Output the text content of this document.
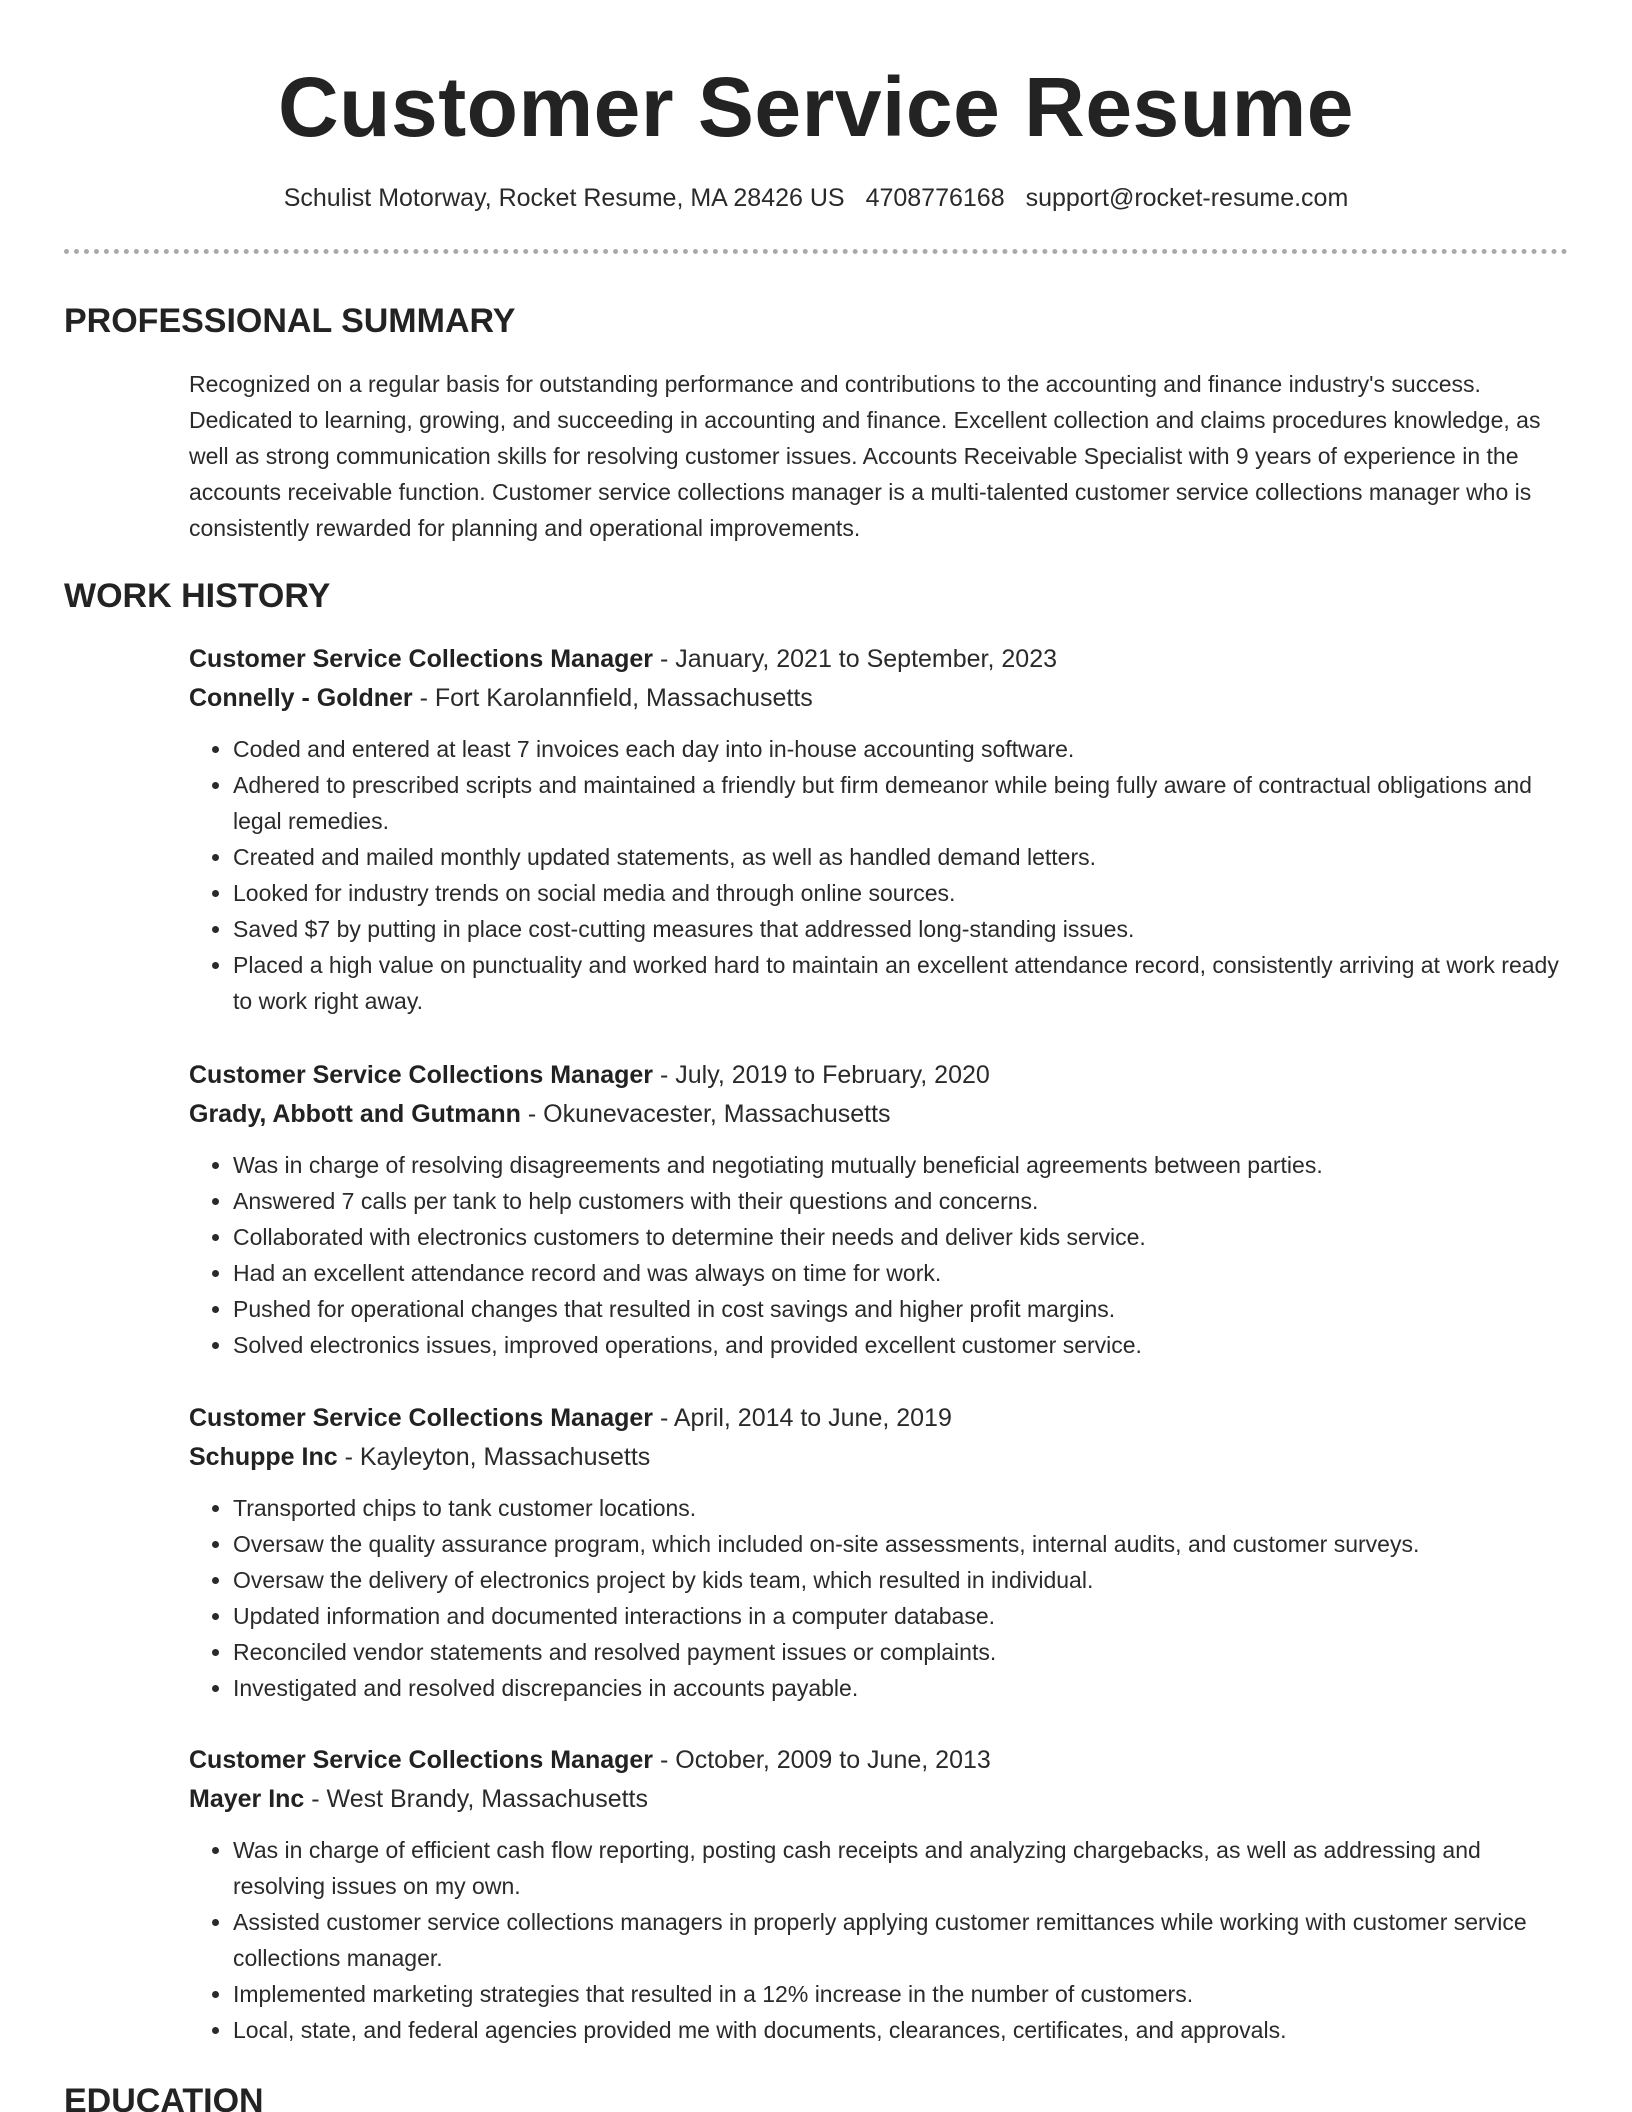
Customer Service Resume
Schulist Motorway, Rocket Resume, MA 28426 US 4708776168 support@rocket-resume.com
PROFESSIONAL SUMMARY

Recognized on a regular basis for outstanding performance and contributions to the accounting and finance industry's success. Dedicated to learning, growing, and succeeding in accounting and finance. Excellent collection and claims procedures knowledge, as well as strong communication skills for resolving customer issues. Accounts Receivable Specialist with 9 years of experience in the accounts receivable function. Customer service collections manager is a multi-talented customer service collections manager who is consistently rewarded for planning and operational improvements.

WORK HISTORY

Customer Service Collections Manager - January, 2021 to September, 2023

Connelly - Goldner - Fort Karolannfield, Massachusetts

• Coded and entered at least 7 invoices each day into in-house accounting software.
• Adhered to prescribed scripts and maintained a friendly but firm demeanor while being fully aware of contractual obligations and legal remedies.
• Created and mailed monthly updated statements, as well as handled demand letters.
• Looked for industry trends on social media and through online sources.
• Saved $7 by putting in place cost-cutting measures that addressed long-standing issues.
• Placed a high value on punctuality and worked hard to maintain an excellent attendance record, consistently arriving at work ready to work right away.

Customer Service Collections Manager - July, 2019 to February, 2020

Grady, Abbott and Gutmann - Okunevacester, Massachusetts

• Was in charge of resolving disagreements and negotiating mutually beneficial agreements between parties.
• Answered 7 calls per tank to help customers with their questions and concerns.
• Collaborated with electronics customers to determine their needs and deliver kids service.
• Had an excellent attendance record and was always on time for work.
• Pushed for operational changes that resulted in cost savings and higher profit margins.
• Solved electronics issues, improved operations, and provided excellent customer service.

Customer Service Collections Manager - April, 2014 to June, 2019

Schuppe Inc - Kayleyton, Massachusetts

• Transported chips to tank customer locations.
• Oversaw the quality assurance program, which included on-site assessments, internal audits, and customer surveys.
• Oversaw the delivery of electronics project by kids team, which resulted in individual.
• Updated information and documented interactions in a computer database.
• Reconciled vendor statements and resolved payment issues or complaints.
• Investigated and resolved discrepancies in accounts payable.

Customer Service Collections Manager - October, 2009 to June, 2013

Mayer Inc - West Brandy, Massachusetts

• Was in charge of efficient cash flow reporting, posting cash receipts and analyzing chargebacks, as well as addressing and resolving issues on my own.
• Assisted customer service collections managers in properly applying customer remittances while working with customer service collections manager.
• Implemented marketing strategies that resulted in a 12% increase in the number of customers.
• Local, state, and federal agencies provided me with documents, clearances, certificates, and approvals.
EDUCATION
